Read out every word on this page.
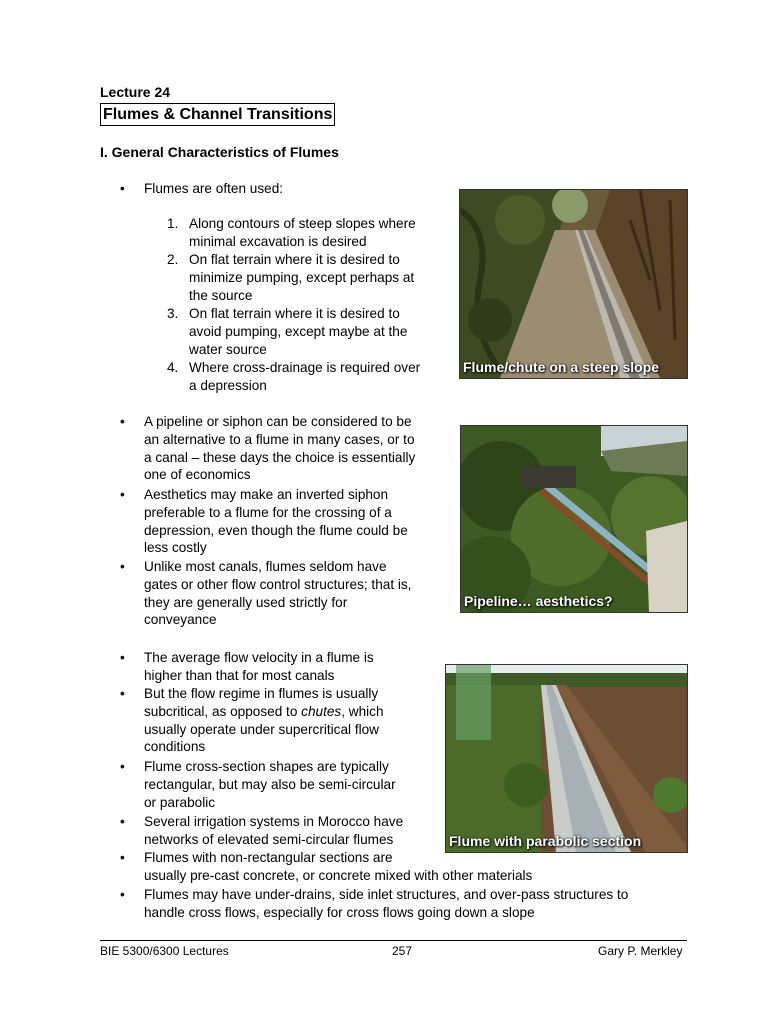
Lecture 24
Flumes & Channel Transitions
I. General Characteristics of Flumes
• Flumes are often used:
1. Along contours of steep slopes where
minimal excavation is desired
2. On flat terrain where it is desired to
minimize pumping, except perhaps at
the source
3. On flat terrain where it is desired to
avoid pumping, except maybe at the
water source
4. Where cross-drainage is required over
a depression
• A pipeline or siphon can be considered to be
an alternative to a flume in many cases, or to
a canal – these days the choice is essentially
one of economics
• Aesthetics may make an inverted siphon
preferable to a flume for the crossing of a
depression, even though the flume could be
less costly
• Unlike most canals, flumes seldom have
gates or other flow control structures; that is,
they are generally used strictly for
conveyance
• The average flow velocity in a flume is
higher than that for most canals
• But the flow regime in flumes is usually
subcritical, as opposed to chutes, which
usually operate under supercritical flow
conditions
• Flume cross-section shapes are typically
rectangular, but may also be semi-circular
or parabolic
• Several irrigation systems in Morocco have
networks of elevated semi-circular flumes
• Flumes with non-rectangular sections are
usually pre-cast concrete, or concrete mixed with other materials
• Flumes may have under-drains, side inlet structures, and over-pass structures to
handle cross flows, especially for cross flows going down a slope
Flume/chute on a steep slope
Pipeline… aesthetics?
Flume with parabolic section
BIE 5300/6300 Lectures	257	Gary P. Merkley
